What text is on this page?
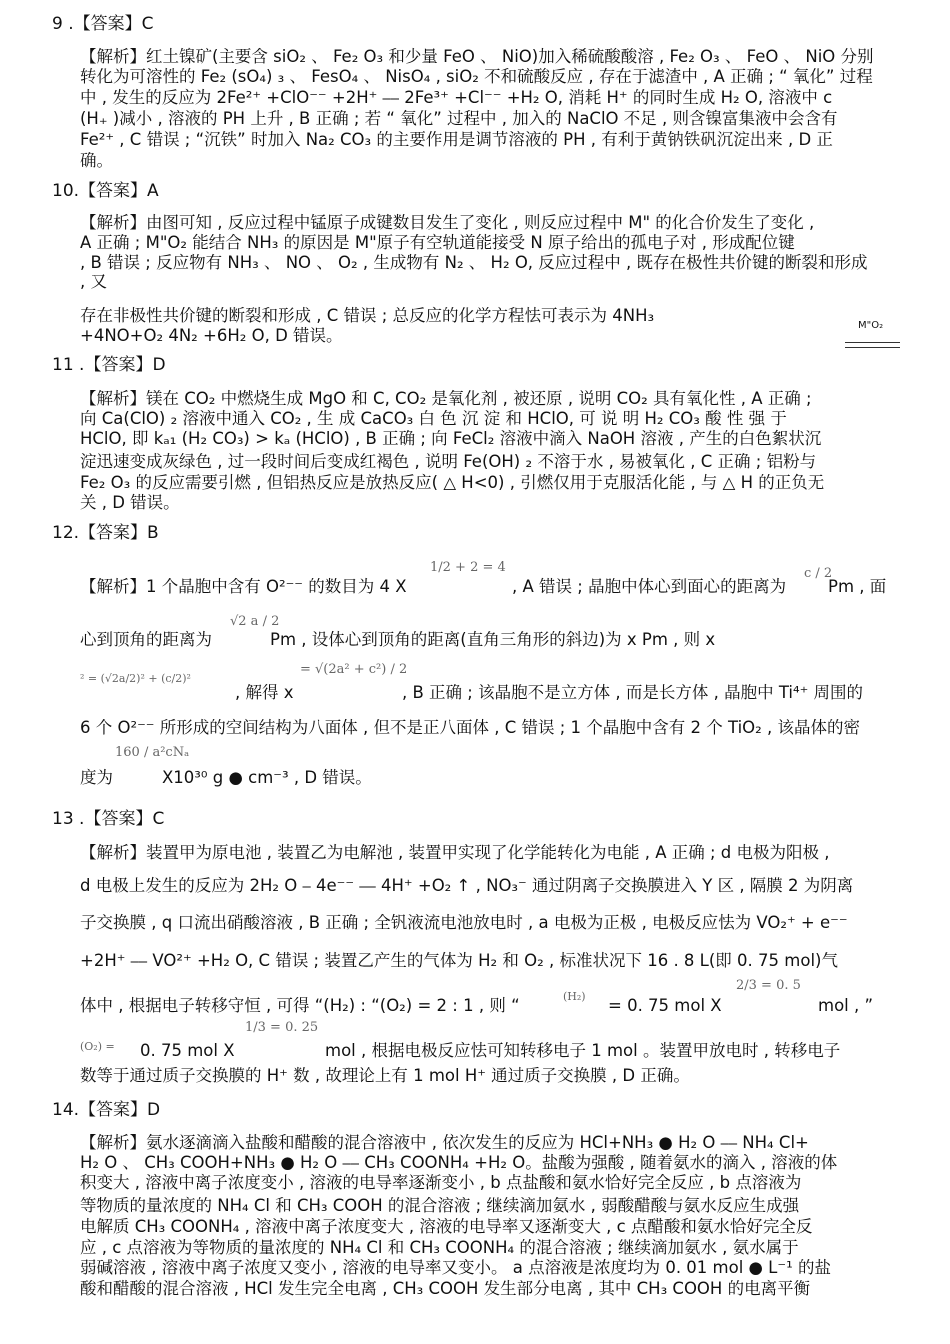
9 .【答案】C
【解析】红土镍矿(主要含 siO₂ 、 Fe₂ O₃ 和少量 FeO 、 NiO)加入稀硫酸酸溶 , Fe₂ O₃ 、 FeO 、 NiO 分别
转化为可溶性的 Fe₂ (sO₄) ₃ 、 FesO₄ 、 NisO₄ , siO₂ 不和硫酸反应 , 存在于滤渣中 , A 正确 ; “ 氧化” 过程
中 , 发生的反应为 2Fe²⁺ +ClO⁻⁻ +2H⁺ ⎯⎯ 2Fe³⁺ +Cl⁻⁻ +H₂ O, 消耗 H⁺ 的同时生成 H₂ O, 溶液中 c
(H₊ )减小 , 溶液的 PH 上升 , B 正确 ; 若 “ 氧化” 过程中 , 加入的 NaClO 不足 , 则含镍富集液中会含有
Fe²⁺ , C 错误 ; “沉铁” 时加入 Na₂ CO₃ 的主要作用是调节溶液的 PH , 有利于黄钠铁矾沉淀出来 , D 正
确。
10.【答案】A
【解析】由图可知 , 反应过程中锰原子成键数目发生了变化 , 则反应过程中 M" 的化合价发生了变化 ,
A 正确 ; M"O₂ 能结合 NH₃ 的原因是 M"原子有空轨道能接受 N 原子给出的孤电子对 , 形成配位键
, B 错误 ; 反应物有 NH₃ 、 NO 、 O₂ , 生成物有 N₂ 、 H₂ O, 反应过程中 , 既存在极性共价键的断裂和形成
, 又
存在非极性共价键的断裂和形成 , C 错误 ; 总反应的化学方程怯可表示为 4NH₃
+4NO+O₂ 4N₂ +6H₂ O, D 错误。
M"O₂
11 .【答案】D
【解析】镁在 CO₂ 中燃烧生成 MgO 和 C, CO₂ 是氧化剂 , 被还原 , 说明 CO₂ 具有氧化性 , A 正确 ;
向 Ca(ClO) ₂ 溶液中通入 CO₂ , 生 成 CaCO₃ 白 色 沉 淀 和 HClO, 可 说 明 H₂ CO₃ 酸 性 强 于
HClO, 即 kₐ₁ (H₂ CO₃) > kₐ (HClO) , B 正确 ; 向 FeCl₂ 溶液中滴入 NaOH 溶液 , 产生的白色絮状沉
淀迅速变成灰绿色 , 过一段时间后变成红褐色 , 说明 Fe(OH) ₂ 不溶于水 , 易被氧化 , C 正确 ; 铝粉与
Fe₂ O₃ 的反应需要引燃 , 但铝热反应是放热反应( △ H<0) , 引燃仅用于克服活化能 , 与 △ H 的正负无
关 , D 错误。
12.【答案】B
【解析】1 个晶胞中含有 O²⁻⁻ 的数目为 4 X
1/2 + 2 = 4
, A 错误 ; 晶胞中体心到面心的距离为
c / 2
Pm , 面
心到顶角的距离为
√2 a / 2
Pm , 设体心到顶角的距离(直角三角形的斜边)为 x Pm , 则 x
² = (√2a/2)² + (c/2)²
, 解得 x
= √(2a² + c²) / 2
, B 正确 ; 该晶胞不是立方体 , 而是长方体 , 晶胞中 Ti⁴⁺ 周围的
6 个 O²⁻⁻ 所形成的空间结构为八面体 , 但不是正八面体 , C 错误 ; 1 个晶胞中含有 2 个 TiO₂ , 该晶体的密
度为
160 / a²cNₐ
X10³⁰ g ● cm⁻³ , D 错误。
13 .【答案】C
【解析】装置甲为原电池 , 装置乙为电解池 , 装置甲实现了化学能转化为电能 , A 正确 ; d 电极为阳极 ,
d 电极上发生的反应为 2H₂ O ⎯ 4e⁻⁻ ⎯⎯ 4H⁺ +O₂ ↑ , NO₃⁻ 通过阴离子交换膜进入 Y 区 , 隔膜 2 为阴离
子交换膜 , q 口流出硝酸溶液 , B 正确 ; 全钒液流电池放电时 , a 电极为正极 , 电极反应怯为 VO₂⁺ + e⁻⁻
+2H⁺ ⎯⎯ VO²⁺ +H₂ O, C 错误 ; 装置乙产生的气体为 H₂ 和 O₂ , 标准状况下 16 . 8 L(即 0. 75 mol)气
体中 , 根据电子转移守恒 , 可得 “(H₂) : “(O₂) = 2 : 1 , 则 “	(H₂) = 0. 75 mol X
2/3 = 0. 5
mol , ”
(O₂) = 0. 75 mol X
1/3 = 0. 25
mol , 根据电极反应怯可知转移电子 1 mol 。装置甲放电时 , 转移电子
数等于通过质子交换膜的 H⁺ 数 , 故理论上有 1 mol H⁺ 通过质子交换膜 , D 正确。
14.【答案】D
【解析】氨水逐滴滴入盐酸和醋酸的混合溶液中 , 依次发生的反应为 HCl+NH₃ ● H₂ O ⎯⎯ NH₄ Cl+
H₂ O 、 CH₃ COOH+NH₃ ● H₂ O ⎯⎯ CH₃ COONH₄ +H₂ O。盐酸为强酸 , 随着氨水的滴入 , 溶液的体
积变大 , 溶液中离子浓度变小 , 溶液的电导率逐渐变小 , b 点盐酸和氨水恰好完全反应 , b 点溶液为
等物质的量浓度的 NH₄ Cl 和 CH₃ COOH 的混合溶液 ; 继续滴加氨水 , 弱酸醋酸与氨水反应生成强
电解质 CH₃ COONH₄ , 溶液中离子浓度变大 , 溶液的电导率又逐渐变大 , c 点醋酸和氨水恰好完全反
应 , c 点溶液为等物质的量浓度的 NH₄ Cl 和 CH₃ COONH₄ 的混合溶液 ; 继续滴加氨水 , 氨水属于
弱碱溶液 , 溶液中离子浓度又变小 , 溶液的电导率又变小。 a 点溶液是浓度均为 0. 01 mol ● L⁻¹ 的盐
酸和醋酸的混合溶液 , HCl 发生完全电离 , CH₃ COOH 发生部分电离 , 其中 CH₃ COOH 的电离平衡
